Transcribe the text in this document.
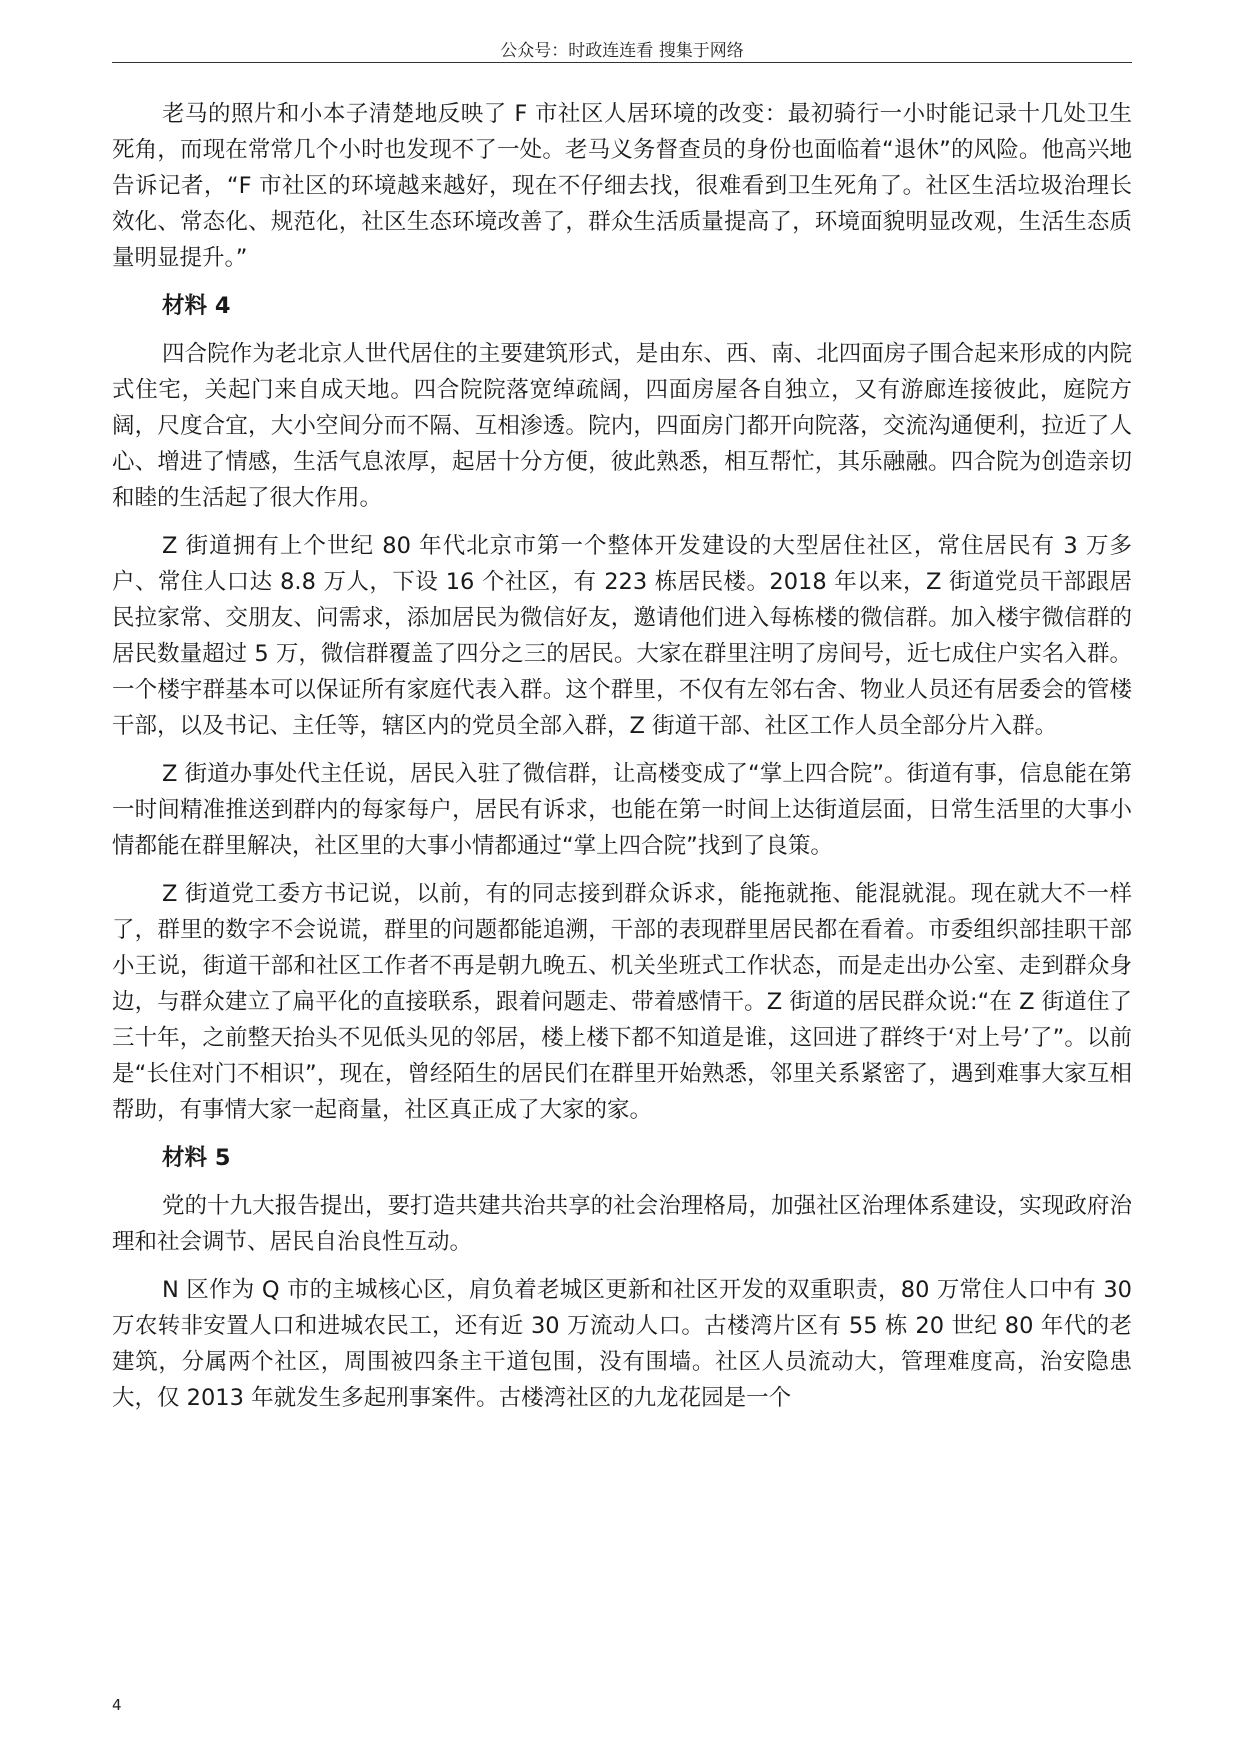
公众号：时政连连看 搜集于网络

老马的照片和小本子清楚地反映了 F 市社区人居环境的改变：最初骑行一小时能记录十几处卫生死角，而现在常常几个小时也发现不了一处。老马义务督查员的身份也面临着“退休”的风险。他高兴地告诉记者，“F 市社区的环境越来越好，现在不仔细去找，很难看到卫生死角了。社区生活垃圾治理长效化、常态化、规范化，社区生态环境改善了，群众生活质量提高了，环境面貌明显改观，生活生态质量明显提升。”

材料 4

四合院作为老北京人世代居住的主要建筑形式，是由东、西、南、北四面房子围合起来形成的内院式住宅，关起门来自成天地。四合院院落宽绰疏阔，四面房屋各自独立，又有游廊连接彼此，庭院方阔，尺度合宜，大小空间分而不隔、互相渗透。院内，四面房门都开向院落，交流沟通便利，拉近了人心、增进了情感，生活气息浓厚，起居十分方便，彼此熟悉，相互帮忙，其乐融融。四合院为创造亲切和睦的生活起了很大作用。

Z 街道拥有上个世纪 80 年代北京市第一个整体开发建设的大型居住社区，常住居民有 3 万多户、常住人口达 8.8 万人，下设 16 个社区，有 223 栋居民楼。2018 年以来，Z 街道党员干部跟居民拉家常、交朋友、问需求，添加居民为微信好友，邀请他们进入每栋楼的微信群。加入楼宇微信群的居民数量超过 5 万，微信群覆盖了四分之三的居民。大家在群里注明了房间号，近七成住户实名入群。一个楼宇群基本可以保证所有家庭代表入群。这个群里，不仅有左邻右舍、物业人员还有居委会的管楼干部，以及书记、主任等，辖区内的党员全部入群，Z 街道干部、社区工作人员全部分片入群。

Z 街道办事处代主任说，居民入驻了微信群，让高楼变成了“掌上四合院”。街道有事，信息能在第一时间精准推送到群内的每家每户，居民有诉求，也能在第一时间上达街道层面，日常生活里的大事小情都能在群里解决，社区里的大事小情都通过“掌上四合院”找到了良策。

Z 街道党工委方书记说，以前，有的同志接到群众诉求，能拖就拖、能混就混。现在就大不一样了，群里的数字不会说谎，群里的问题都能追溯，干部的表现群里居民都在看着。市委组织部挂职干部小王说，街道干部和社区工作者不再是朝九晚五、机关坐班式工作状态，而是走出办公室、走到群众身边，与群众建立了扁平化的直接联系，跟着问题走、带着感情干。Z 街道的居民群众说:“在 Z 街道住了三十年，之前整天抬头不见低头见的邻居，楼上楼下都不知道是谁，这回进了群终于‘对上号’了”。以前是“长住对门不相识”，现在，曾经陌生的居民们在群里开始熟悉，邻里关系紧密了，遇到难事大家互相帮助，有事情大家一起商量，社区真正成了大家的家。

材料 5

党的十九大报告提出，要打造共建共治共享的社会治理格局，加强社区治理体系建设，实现政府治理和社会调节、居民自治良性互动。

N 区作为 Q 市的主城核心区，肩负着老城区更新和社区开发的双重职责，80 万常住人口中有 30 万农转非安置人口和进城农民工，还有近 30 万流动人口。古楼湾片区有 55 栋 20 世纪 80 年代的老建筑，分属两个社区，周围被四条主干道包围，没有围墙。社区人员流动大，管理难度高，治安隐患大，仅 2013 年就发生多起刑事案件。古楼湾社区的九龙花园是一个

4
